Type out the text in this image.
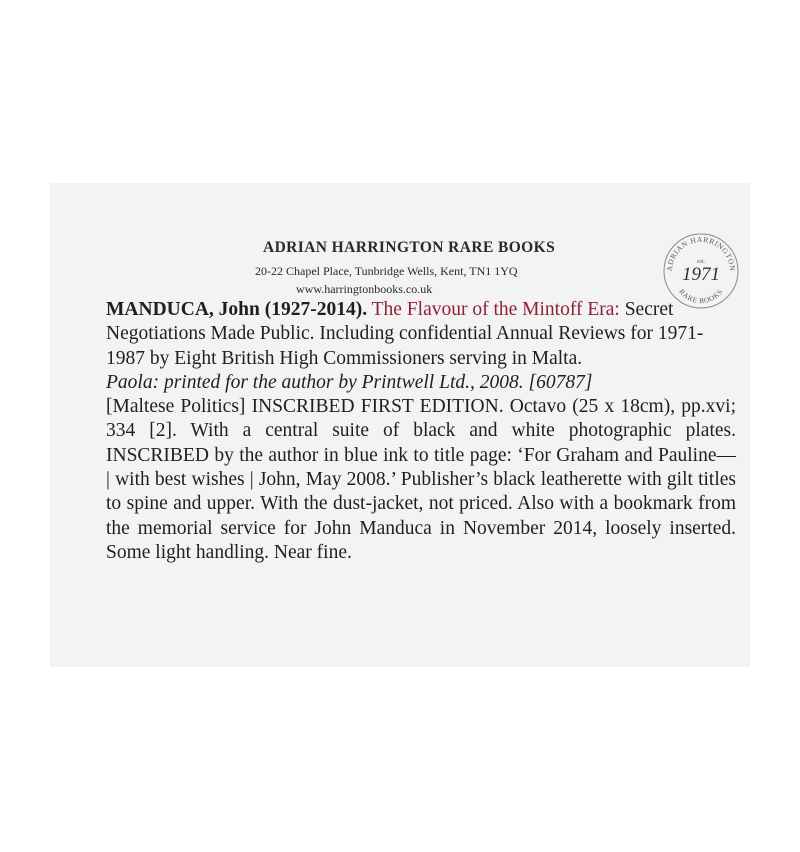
ADRIAN HARRINGTON RARE BOOKS
20-22 Chapel Place, Tunbridge Wells, Kent, TN1 1YQ
www.harringtonbooks.co.uk
ADRIAN HARRINGTON
est.
1971
RARE BOOKS

MANDUCA, John (1927-2014). The Flavour of the Mintoff Era: Secret Negotiations Made Public. Including confidential Annual Reviews for 1971-1987 by Eight British High Commissioners serving in Malta.

Paola: printed for the author by Printwell Ltd., 2008. [60787]

[Maltese Politics] INSCRIBED FIRST EDITION. Octavo (25 x 18cm), pp.xvi; 334 [2]. With a central suite of black and white photographic plates. INSCRIBED by the author in blue ink to title page: ‘For Graham and Pauline— | with best wishes | John, May 2008.’ Publisher’s black leatherette with gilt titles to spine and upper. With the dust-jacket, not priced. Also with a bookmark from the memorial service for John Manduca in November 2014, loosely inserted. Some light handling. Near fine.
